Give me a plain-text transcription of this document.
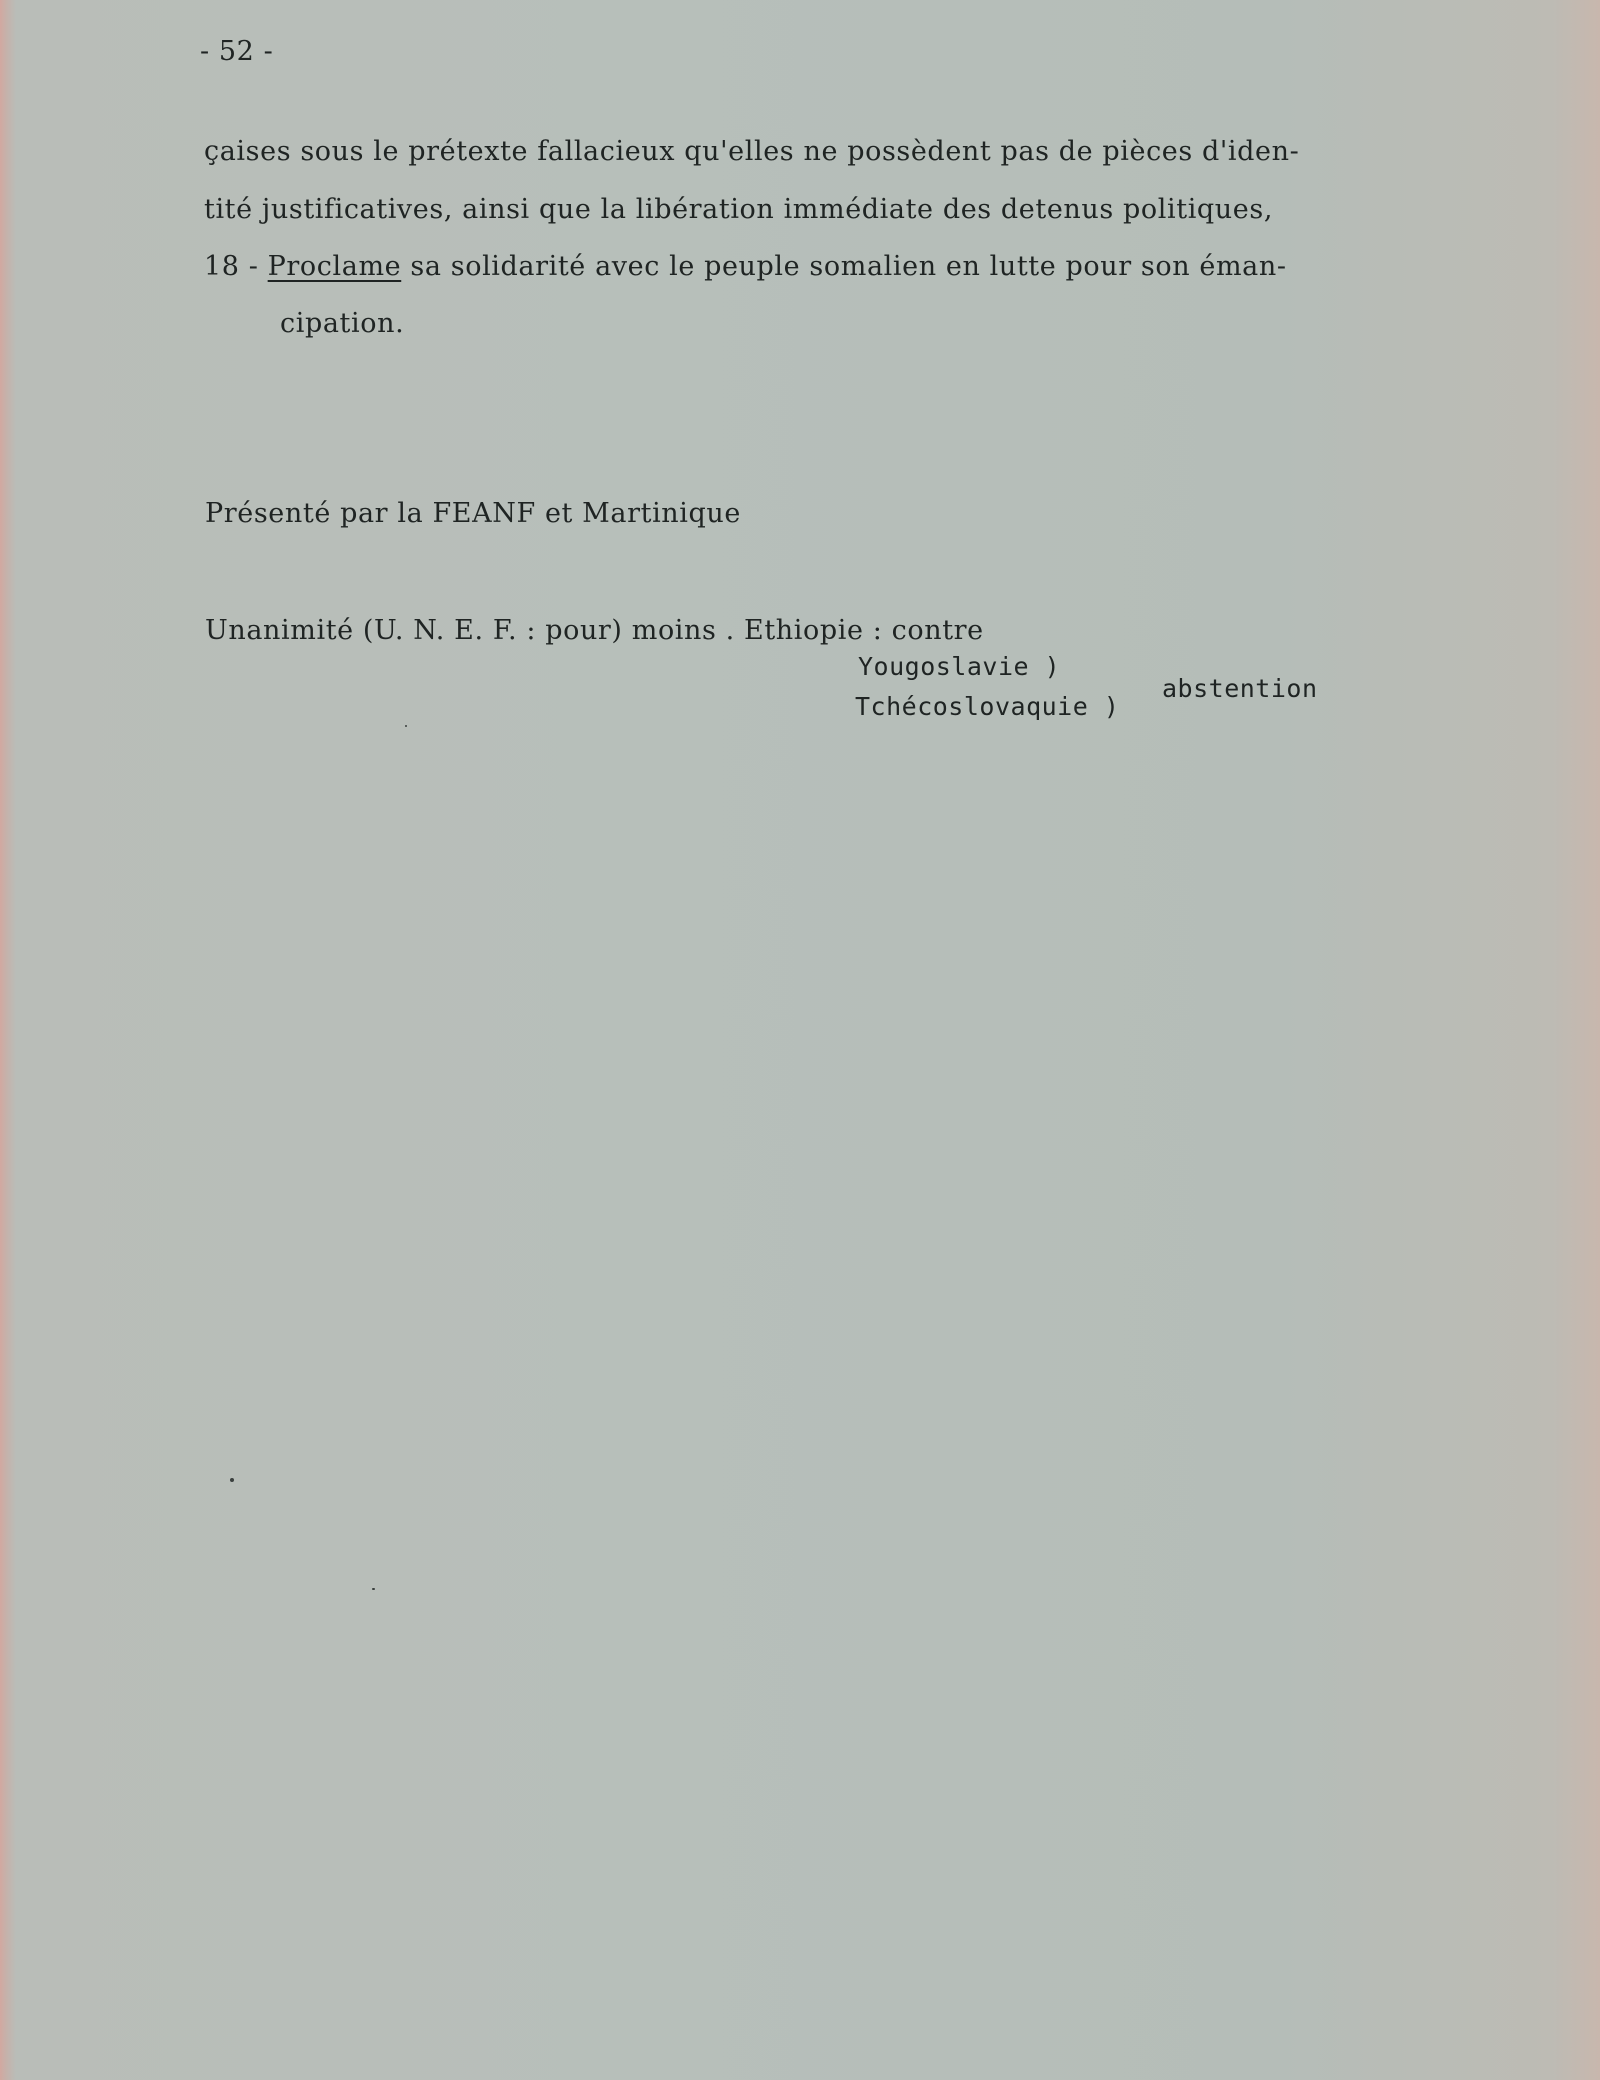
- 52 -
çaises sous le prétexte fallacieux qu'elles ne possèdent pas de pièces d'iden-
tité justificatives, ainsi que la libération immédiate des detenus politiques,
18 - Proclame sa solidarité avec le peuple somalien en lutte pour son éman-
cipation.
Présenté par la FEANF et Martinique
Unanimité (U. N. E. F. : pour) moins . Ethiopie : contre
Yougoslavie )
Tchécoslovaquie )
abstention
